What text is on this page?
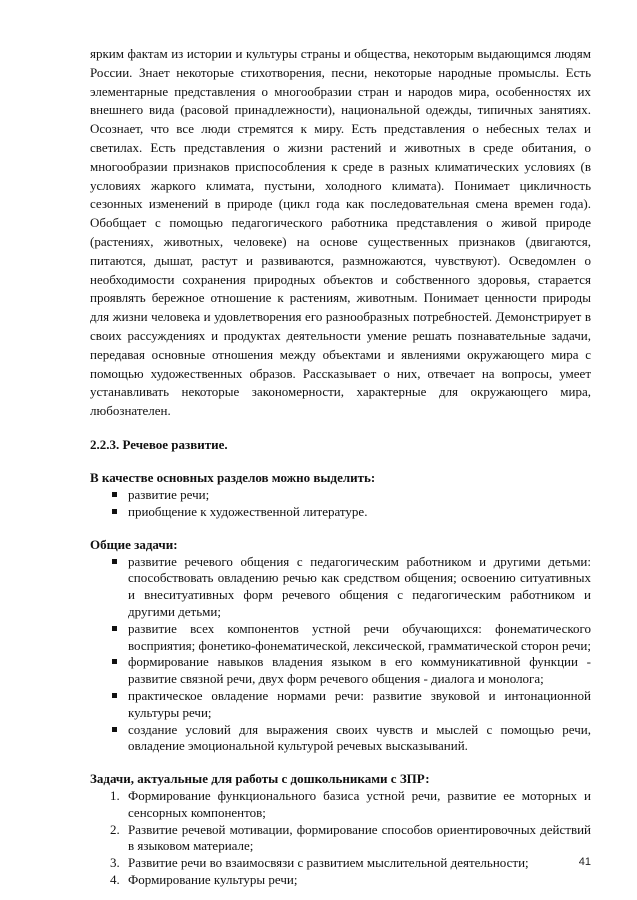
ярким фактам из истории и культуры страны и общества, некоторым выдающимся людям России. Знает некоторые стихотворения, песни, некоторые народные промыслы. Есть элементарные представления о многообразии стран и народов мира, особенностях их внешнего вида (расовой принадлежности), национальной одежды, типичных занятиях. Осознает, что все люди стремятся к миру. Есть представления о небесных телах и светилах. Есть представления о жизни растений и животных в среде обитания, о многообразии признаков приспособления к среде в разных климатических условиях (в условиях жаркого климата, пустыни, холодного климата). Понимает цикличность сезонных изменений в природе (цикл года как последовательная смена времен года). Обобщает с помощью педагогического работника представления о живой природе (растениях, животных, человеке) на основе существенных признаков (двигаются, питаются, дышат, растут и развиваются, размножаются, чувствуют). Осведомлен о необходимости сохранения природных объектов и собственного здоровья, старается проявлять бережное отношение к растениям, животным. Понимает ценности природы для жизни человека и удовлетворения его разнообразных потребностей. Демонстрирует в своих рассуждениях и продуктах деятельности умение решать познавательные задачи, передавая основные отношения между объектами и явлениями окружающего мира с помощью художественных образов. Рассказывает о них, отвечает на вопросы, умеет устанавливать некоторые закономерности, характерные для окружающего мира, любознателен.

2.2.3. Речевое развитие.

В качестве основных разделов можно выделить:

развитие речи;
приобщение к художественной литературе.

Общие задачи:

развитие речевого общения с педагогическим работником и другими детьми: способствовать овладению речью как средством общения; освоению ситуативных и внеситуативных форм речевого общения с педагогическим работником и другими детьми;
развитие всех компонентов устной речи обучающихся: фонематического восприятия; фонетико-фонематической, лексической, грамматической сторон речи;
формирование навыков владения языком в его коммуникативной функции - развитие связной речи, двух форм речевого общения - диалога и монолога;
практическое овладение нормами речи: развитие звуковой и интонационной культуры речи;
создание условий для выражения своих чувств и мыслей с помощью речи, овладение эмоциональной культурой речевых высказываний.

Задачи, актуальные для работы с дошкольниками с ЗПР:

1. Формирование функционального базиса устной речи, развитие ее моторных и сенсорных компонентов;
2. Развитие речевой мотивации, формирование способов ориентировочных действий в языковом материале;
3. Развитие речи во взаимосвязи с развитием мыслительной деятельности;
4. Формирование культуры речи;
41
